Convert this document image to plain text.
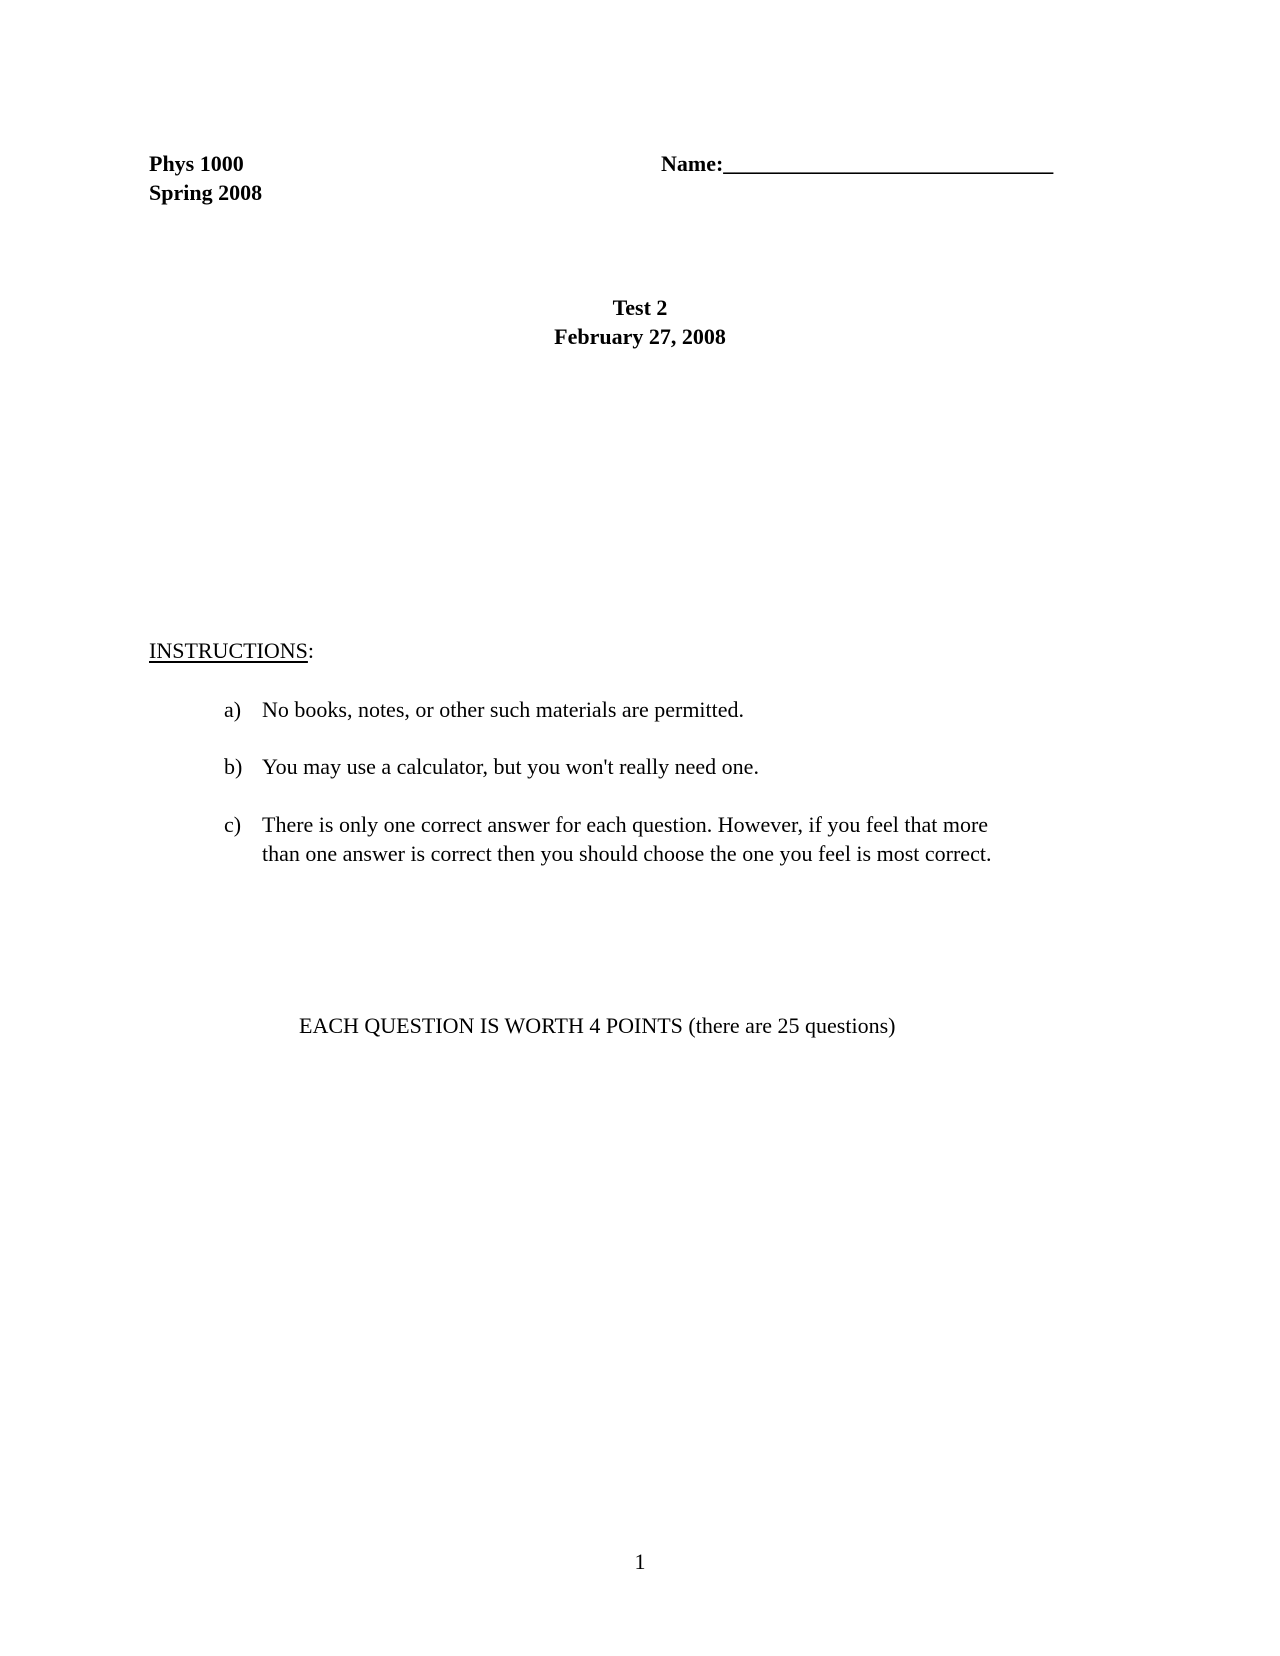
Phys 1000
Spring 2008
Name:______________________________
Test 2
February 27, 2008
INSTRUCTIONS:
a) No books, notes, or other such materials are permitted.
b) You may use a calculator, but you won't really need one.
c) There is only one correct answer for each question. However, if you feel that more
than one answer is correct then you should choose the one you feel is most correct.
EACH QUESTION IS WORTH 4 POINTS (there are 25 questions)
1
